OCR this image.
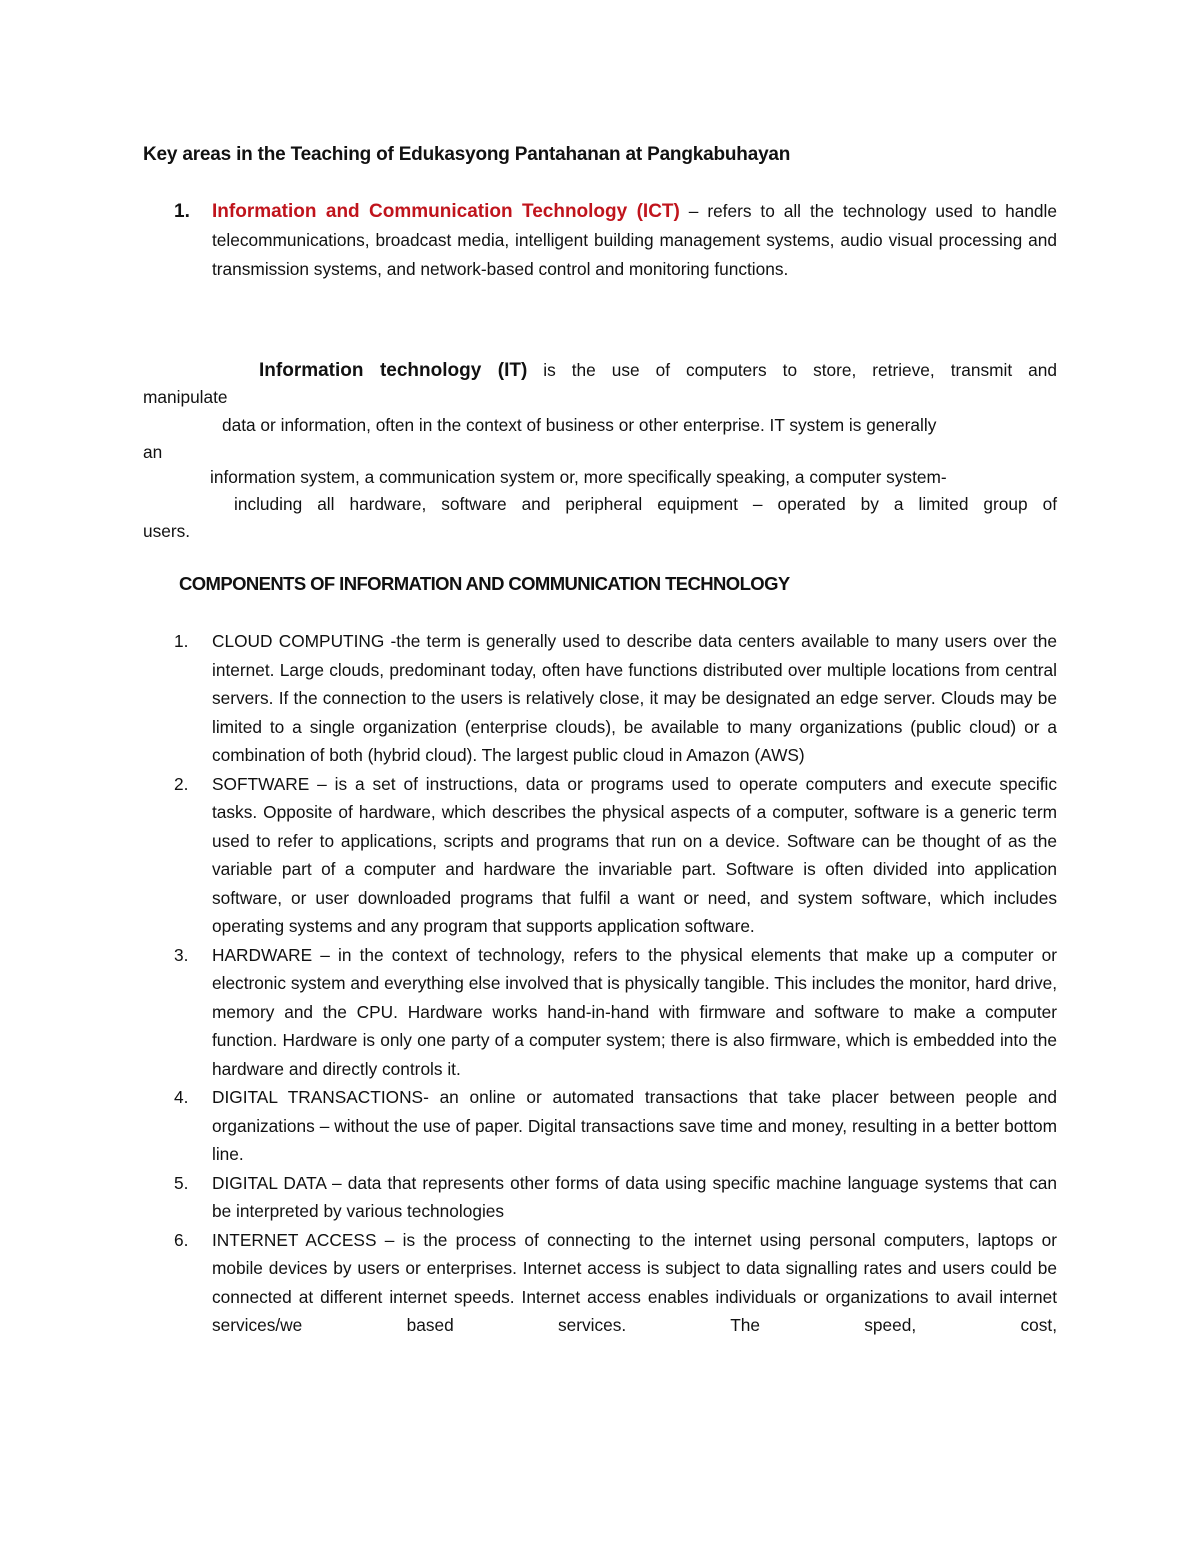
Key areas in the Teaching of Edukasyong Pantahanan at Pangkabuhayan
1. Information and Communication Technology (ICT) – refers to all the technology used to handle telecommunications, broadcast media, intelligent building management systems, audio visual processing and transmission systems, and network-based control and monitoring functions.
Information technology (IT) is the use of computers to store, retrieve, transmit and
manipulate
data or information, often in the context of business or other enterprise. IT system is generally
an
information system, a communication system or, more specifically speaking, a computer system-
including all hardware, software and peripheral equipment – operated by a limited group of
users.
COMPONENTS OF INFORMATION AND COMMUNICATION TECHNOLOGY
1. CLOUD COMPUTING -the term is generally used to describe data centers available to many users over the internet. Large clouds, predominant today, often have functions distributed over multiple locations from central servers. If the connection to the users is relatively close, it may be designated an edge server. Clouds may be limited to a single organization (enterprise clouds), be available to many organizations (public cloud) or a combination of both (hybrid cloud). The largest public cloud in Amazon (AWS)
2. SOFTWARE – is a set of instructions, data or programs used to operate computers and execute specific tasks. Opposite of hardware, which describes the physical aspects of a computer, software is a generic term used to refer to applications, scripts and programs that run on a device. Software can be thought of as the variable part of a computer and hardware the invariable part. Software is often divided into application software, or user downloaded programs that fulfil a want or need, and system software, which includes operating systems and any program that supports application software.
3. HARDWARE – in the context of technology, refers to the physical elements that make up a computer or electronic system and everything else involved that is physically tangible. This includes the monitor, hard drive, memory and the CPU. Hardware works hand-in-hand with firmware and software to make a computer function. Hardware is only one party of a computer system; there is also firmware, which is embedded into the hardware and directly controls it.
4. DIGITAL TRANSACTIONS- an online or automated transactions that take placer between people and organizations – without the use of paper. Digital transactions save time and money, resulting in a better bottom line.
5. DIGITAL DATA – data that represents other forms of data using specific machine language systems that can be interpreted by various technologies
6. INTERNET ACCESS – is the process of connecting to the internet using personal computers, laptops or mobile devices by users or enterprises. Internet access is subject to data signalling rates and users could be connected at different internet speeds. Internet access enables individuals or organizations to avail internet services/we based services. The speed, cost,
